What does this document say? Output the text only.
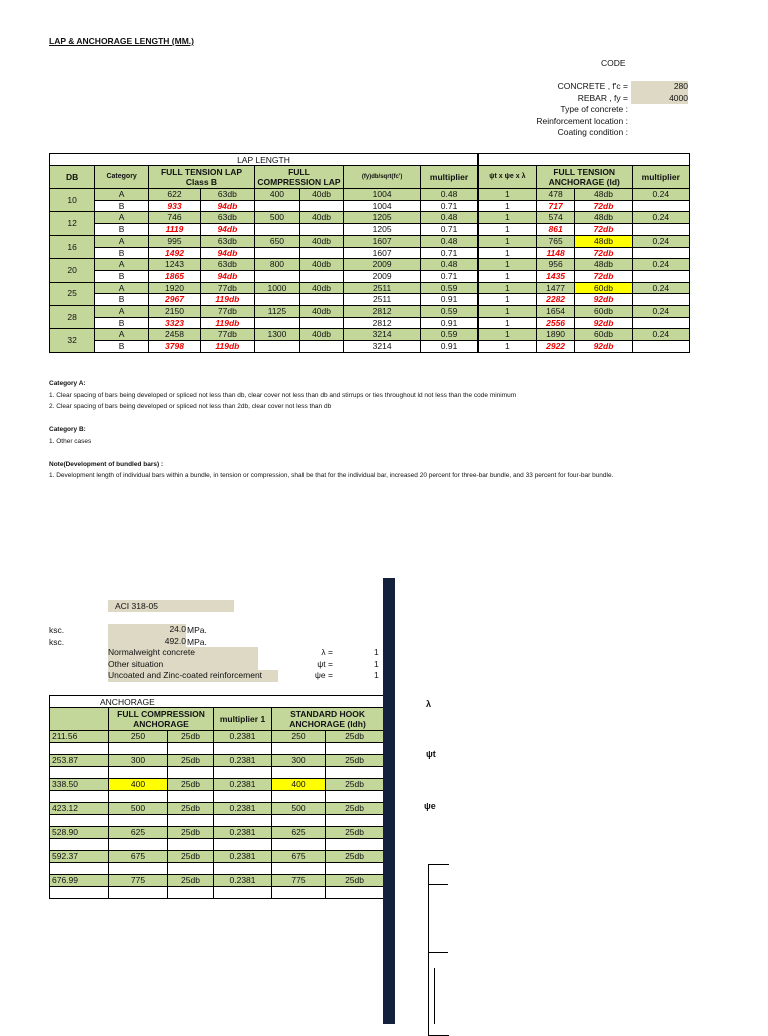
LAP & ANCHORAGE LENGTH (MM.)
CODE
CONCRETE , f'c =	280
REBAR , fy =	4000
Type of concrete :
Reinforcement location :
Coating condition :
LAP LENGTH											
DB	Category	FULL TENSION LAP Class B		FULL COMPRESSION LAP		(fy)db/sqrt(fc')	multiplier	ψt x ψe x λ	FULL TENSION ANCHORAGE (ld)		multiplier
10	A	622	63db	400	40db	1004	0.48	1	478	48db	0.24
	B	933	94db			1004	0.71	1	717	72db	
12	A	746	63db	500	40db	1205	0.48	1	574	48db	0.24
	B	1119	94db			1205	0.71	1	861	72db	
16	A	995	63db	650	40db	1607	0.48	1	765	48db	0.24
	B	1492	94db			1607	0.71	1	1148	72db	
20	A	1243	63db	800	40db	2009	0.48	1	956	48db	0.24
	B	1865	94db			2009	0.71	1	1435	72db	
25	A	1920	77db	1000	40db	2511	0.59	1	1477	60db	0.24
	B	2967	119db			2511	0.91	1	2282	92db	
28	A	2150	77db	1125	40db	2812	0.59	1	1654	60db	0.24
	B	3323	119db			2812	0.91	1	2556	92db	
32	A	2458	77db	1300	40db	3214	0.59	1	1890	60db	0.24
	B	3798	119db			3214	0.91	1	2922	92db	
Category A:
1. Clear spacing of bars being developed or spliced not less than db, clear cover not less than db and stirrups or ties throughout ld not less than the code minimum
2. Clear spacing of bars being developed or spliced not less than 2db, clear cover not less than db

Category B:
1. Other cases

Note(Development of bundled bars) :
1. Development length of individual bars within a bundle, in tension or compression, shall be that for the individual bar, increased 20 percent for three-bar bundle, and 33 percent for four-bar bundle.
ACI 318-05
ksc.	24.0 MPa.
ksc.	492.0 MPa.
Normalweight concrete	λ =	1
Other situation	ψt =	1
Uncoated and Zinc-coated reinforcement	ψe =	1
ANCHORAGE					
	FULL COMPRESSION ANCHORAGE		multiplier 1	STANDARD HOOK ANCHORAGE (ldh)	
211.56	250	25db	0.2381	250	25db

253.87	300	25db	0.2381	300	25db

338.50	400	25db	0.2381	400	25db

423.12	500	25db	0.2381	500	25db

528.90	625	25db	0.2381	625	25db

592.37	675	25db	0.2381	675	25db

676.99	775	25db	0.2381	775	25db

λ
ψt
ψe
